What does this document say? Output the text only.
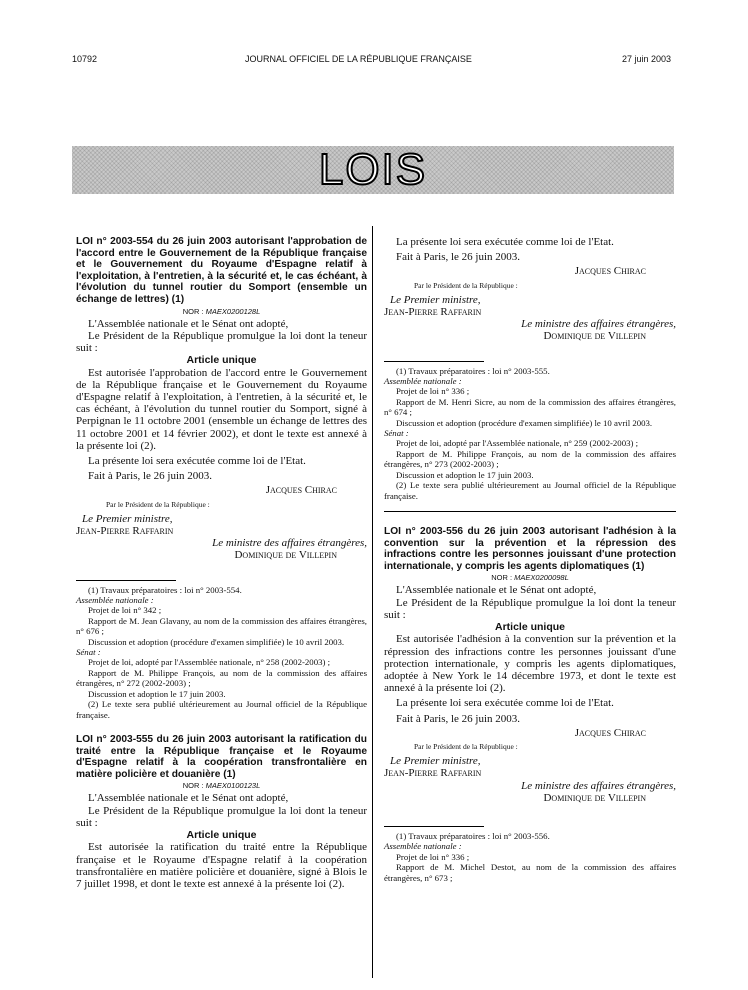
10792	JOURNAL OFFICIEL DE LA RÉPUBLIQUE FRANÇAISE	27 juin 2003
LOIS

LOI n° 2003-554 du 26 juin 2003 autorisant l'approbation de l'accord entre le Gouvernement de la République française et le Gouvernement du Royaume d'Espagne relatif à l'exploitation, à l'entretien, à la sécurité et, le cas échéant, à l'évolution du tunnel routier du Somport (ensemble un échange de lettres) (1)

NOR : MAEX0200128L

L'Assemblée nationale et le Sénat ont adopté,

Le Président de la République promulgue la loi dont la teneur suit :

Article unique

Est autorisée l'approbation de l'accord entre le Gouvernement de la République française et le Gouvernement du Royaume d'Espagne relatif à l'exploitation, à l'entretien, à la sécurité et, le cas échéant, à l'évolution du tunnel routier du Somport, signé à Perpignan le 11 octobre 2001 (ensemble un échange de lettres des 11 octobre 2001 et 14 février 2002), et dont le texte est annexé à la présente loi (2).

La présente loi sera exécutée comme loi de l'Etat.

Fait à Paris, le 26 juin 2003.

Jacques Chirac

Par le Président de la République :

Le Premier ministre,

Jean-Pierre Raffarin

Le ministre des affaires étrangères,

Dominique de Villepin

(1) Travaux préparatoires : loi n° 2003-554.

Assemblée nationale :

Projet de loi n° 342 ;

Rapport de M. Jean Glavany, au nom de la commission des affaires étrangères, n° 676 ;

Discussion et adoption (procédure d'examen simplifiée) le 10 avril 2003.

Sénat :

Projet de loi, adopté par l'Assemblée nationale, n° 258 (2002-2003) ;

Rapport de M. Philippe François, au nom de la commission des affaires étrangères, n° 272 (2002-2003) ;

Discussion et adoption le 17 juin 2003.

(2) Le texte sera publié ultérieurement au Journal officiel de la République française.

LOI n° 2003-555 du 26 juin 2003 autorisant la ratification du traité entre la République française et le Royaume d'Espagne relatif à la coopération transfrontalière en matière policière et douanière (1)

NOR : MAEX0100123L

L'Assemblée nationale et le Sénat ont adopté,

Le Président de la République promulgue la loi dont la teneur suit :

Article unique

Est autorisée la ratification du traité entre la République française et le Royaume d'Espagne relatif à la coopération transfrontalière en matière policière et douanière, signé à Blois le 7 juillet 1998, et dont le texte est annexé à la présente loi (2).

La présente loi sera exécutée comme loi de l'Etat.

Fait à Paris, le 26 juin 2003.

Jacques Chirac

Par le Président de la République :

Le Premier ministre,

Jean-Pierre Raffarin

Le ministre des affaires étrangères,

Dominique de Villepin

(1) Travaux préparatoires : loi n° 2003-555.

Assemblée nationale :

Projet de loi n° 336 ;

Rapport de M. Henri Sicre, au nom de la commission des affaires étrangères, n° 674 ;

Discussion et adoption (procédure d'examen simplifiée) le 10 avril 2003.

Sénat :

Projet de loi, adopté par l'Assemblée nationale, n° 259 (2002-2003) ;

Rapport de M. Philippe François, au nom de la commission des affaires étrangères, n° 273 (2002-2003) ;

Discussion et adoption le 17 juin 2003.

(2) Le texte sera publié ultérieurement au Journal officiel de la République française.

LOI n° 2003-556 du 26 juin 2003 autorisant l'adhésion à la convention sur la prévention et la répression des infractions contre les personnes jouissant d'une protection internationale, y compris les agents diplomatiques (1)

NOR : MAEX0200098L

L'Assemblée nationale et le Sénat ont adopté,

Le Président de la République promulgue la loi dont la teneur suit :

Article unique

Est autorisée l'adhésion à la convention sur la prévention et la répression des infractions contre les personnes jouissant d'une protection internationale, y compris les agents diplomatiques, adoptée à New York le 14 décembre 1973, et dont le texte est annexé à la présente loi (2).

La présente loi sera exécutée comme loi de l'Etat.

Fait à Paris, le 26 juin 2003.

Jacques Chirac

Par le Président de la République :

Le Premier ministre,

Jean-Pierre Raffarin

Le ministre des affaires étrangères,

Dominique de Villepin

(1) Travaux préparatoires : loi n° 2003-556.

Assemblée nationale :

Projet de loi n° 336 ;

Rapport de M. Michel Destot, au nom de la commission des affaires étrangères, n° 673 ;
